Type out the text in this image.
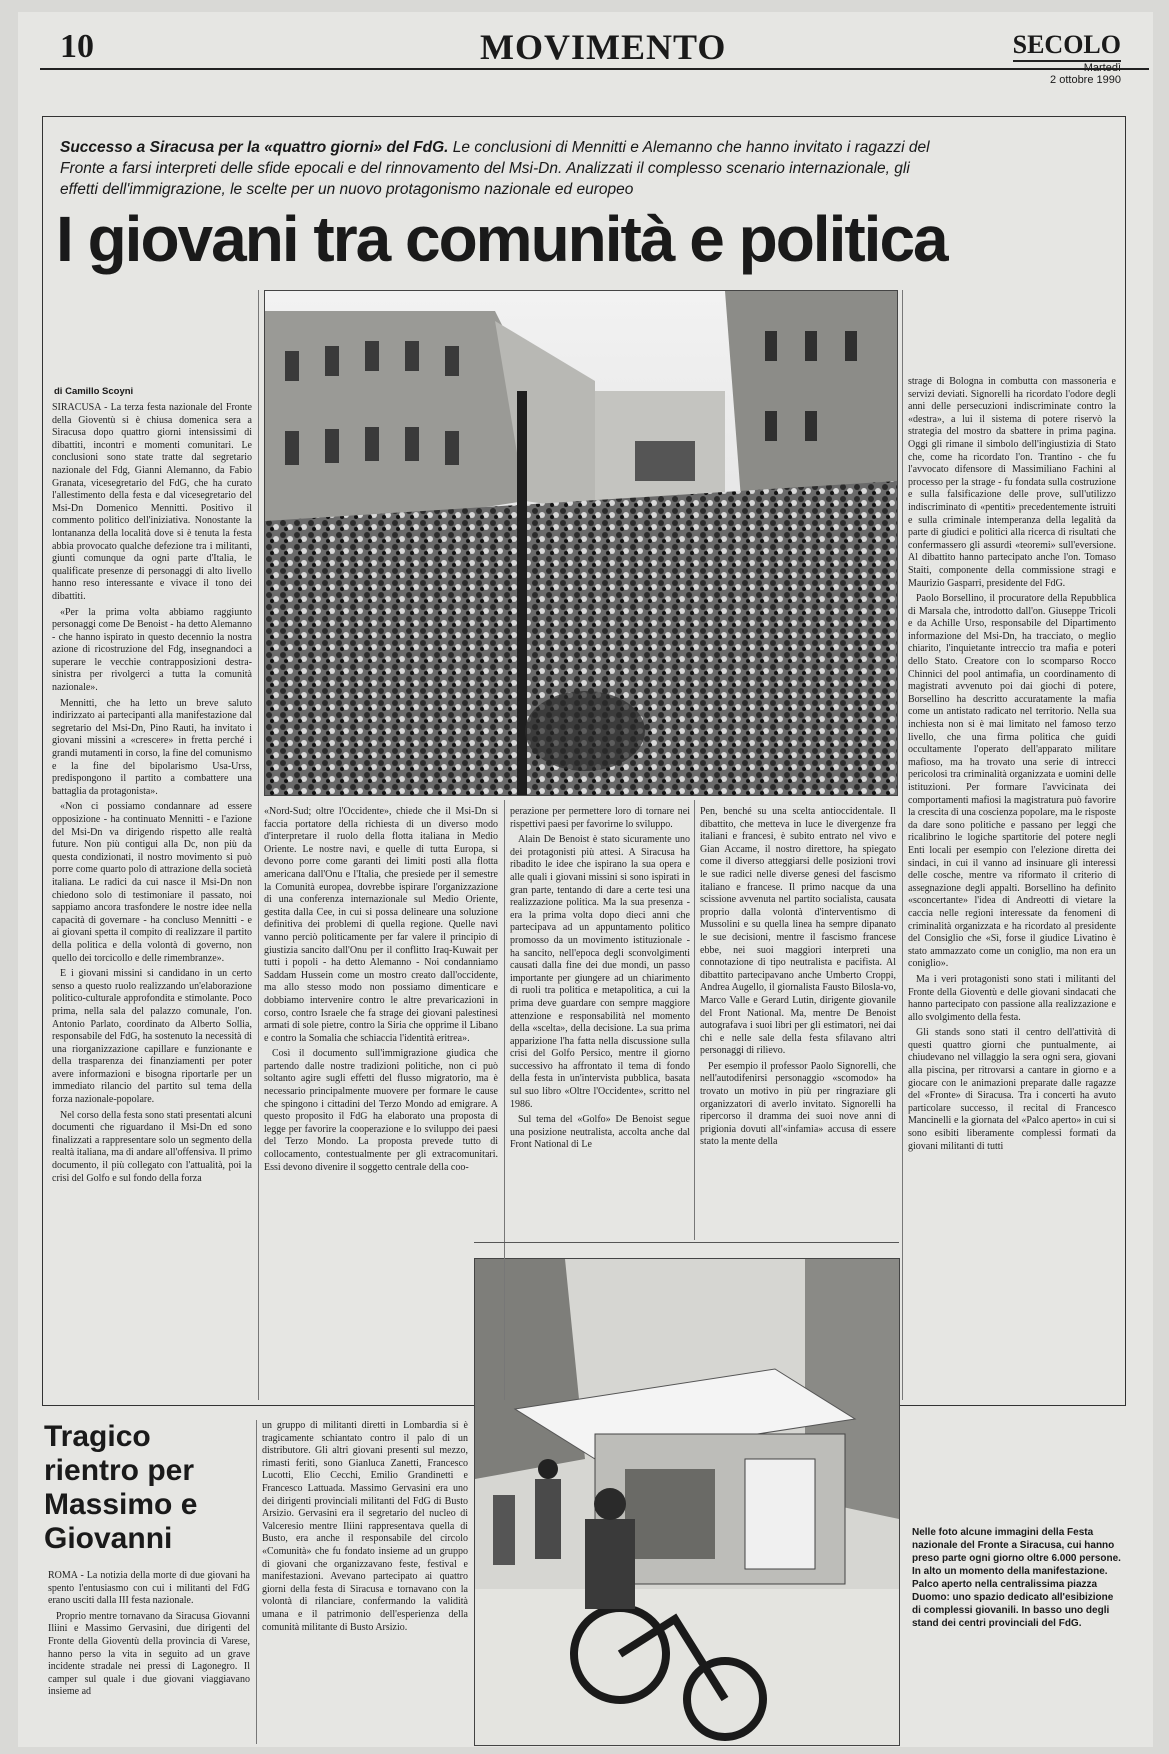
10	MOVIMENTO	SECOLO
Martedì
2 ottobre 1990
Successo a Siracusa per la «quattro giorni» del FdG. Le conclusioni di Mennitti e Alemanno che hanno invitato i ragazzi del Fronte a farsi interpreti delle sfide epocali e del rinnovamento del Msi-Dn. Analizzati il complesso scenario internazionale, gli effetti dell'immigrazione, le scelte per un nuovo protagonismo nazionale ed europeo
I giovani tra comunità e politica
di Camillo Scoyni

SIRACUSA - La terza festa nazionale del Fronte della Gioventù si è chiusa domenica sera a Siracusa dopo quattro giorni intensissimi di dibattiti, incontri e momenti comunitari. Le conclusioni sono state tratte dal segretario nazionale del Fdg, Gianni Alemanno, da Fabio Granata, vicesegretario del FdG, che ha curato l'allestimento della festa e dal vicesegretario del Msi-Dn Domenico Mennitti. Positivo il commento politico dell'iniziativa. Nonostante la lontananza della località dove si è tenuta la festa abbia provocato qualche defezione tra i militanti, giunti comunque da ogni parte d'Italia, le qualificate presenze di personaggi di alto livello hanno reso interessante e vivace il tono dei dibattiti.

«Per la prima volta abbiamo raggiunto personaggi come De Benoist - ha detto Alemanno - che hanno ispirato in questo decennio la nostra azione di ricostruzione del Fdg, insegnandoci a superare le vecchie contrapposizioni destra-sinistra per rivolgerci a tutta la comunità nazionale».

Mennitti, che ha letto un breve saluto indirizzato ai partecipanti alla manifestazione dal segretario del Msi-Dn, Pino Rauti, ha invitato i giovani missini a «crescere» in fretta perché i grandi mutamenti in corso, la fine del comunismo e la fine del bipolarismo Usa-Urss, predispongono il partito a combattere una battaglia da protagonista».

«Non ci possiamo condannare ad essere opposizione - ha continuato Mennitti - e l'azione del Msi-Dn va dirigendo rispetto alle realtà future. Non più contigui alla Dc, non più da questa condizionati, il nostro movimento si può porre come quarto polo di attrazione della società italiana. Le radici da cui nasce il Msi-Dn non chiedono solo di testimoniare il passato, noi sappiamo ancora trasfondere le nostre idee nella capacità di governare - ha concluso Mennitti - e ai giovani spetta il compito di realizzare il partito della politica e della volontà di governo, non quello dei torcicollo e delle rimembranze».

E i giovani missini si candidano in un certo senso a questo ruolo realizzando un'elaborazione politico-culturale approfondita e stimolante. Poco prima, nella sala del palazzo comunale, l'on. Antonio Parlato, coordinato da Alberto Sollia, responsabile del FdG, ha sostenuto la necessità di una riorganizzazione capillare e funzionante e della trasparenza dei finanziamenti per poter avere informazioni e bisogna riportarle per un immediato rilancio del partito sul tema della forza nazionale-popolare.

Nel corso della festa sono stati presentati alcuni documenti che riguardano il Msi-Dn ed sono finalizzati a rappresentare solo un segmento della realtà italiana, ma di andare all'offensiva. Il primo documento, il più collegato con l'attualità, poi la crisi del Golfo e sul fondo della forza

«Nord-Sud; oltre l'Occidente», chiede che il Msi-Dn si faccia portatore della richiesta di un diverso modo d'interpretare il ruolo della flotta italiana in Medio Oriente. Le nostre navi, e quelle di tutta Europa, si devono porre come garanti dei limiti posti alla flotta americana dall'Onu e l'Italia, che presiede per il semestre la Comunità europea, dovrebbe ispirare l'organizzazione di una conferenza internazionale sul Medio Oriente, gestita dalla Cee, in cui si possa delineare una soluzione definitiva dei problemi di quella regione. Quelle navi vanno perciò politicamente per far valere il principio di giustizia sancito dall'Onu per il conflitto Iraq-Kuwait per tutti i popoli - ha detto Alemanno - Noi condanniamo Saddam Hussein come un mostro creato dall'occidente, ma allo stesso modo non possiamo dimenticare e dobbiamo intervenire contro le altre prevaricazioni in corso, contro Israele che fa strage dei giovani palestinesi armati di sole pietre, contro la Siria che opprime il Libano e contro la Somalia che schiaccia l'identità eritrea».

Così il documento sull'immigrazione giudica che partendo dalle nostre tradizioni politiche, non ci può soltanto agire sugli effetti del flusso migratorio, ma è necessario principalmente muovere per formare le cause che spingono i cittadini del Terzo Mondo ad emigrare. A questo proposito il FdG ha elaborato una proposta di legge per favorire la cooperazione e lo sviluppo dei paesi del Terzo Mondo. La proposta prevede tutto di collocamento, contestualmente per gli extracomunitari. Essi devono divenire il soggetto centrale della coo-

perazione per permettere loro di tornare nei rispettivi paesi per favorirne lo sviluppo.

Alain De Benoist è stato sicuramente uno dei protagonisti più attesi. A Siracusa ha ribadito le idee che ispirano la sua opera e alle quali i giovani missini si sono ispirati in gran parte, tentando di dare a certe tesi una realizzazione politica. Ma la sua presenza - era la prima volta dopo dieci anni che partecipava ad un appuntamento politico promosso da un movimento istituzionale - ha sancito, nell'epoca degli sconvolgimenti causati dalla fine dei due mondi, un passo importante per giungere ad un chiarimento di ruoli tra politica e metapolitica, a cui la prima deve guardare con sempre maggiore attenzione e responsabilità nel momento della «scelta», della decisione. La sua prima apparizione l'ha fatta nella discussione sulla crisi del Golfo Persico, mentre il giorno successivo ha affrontato il tema di fondo della festa in un'intervista pubblica, basata sul suo libro «Oltre l'Occidente», scritto nel 1986.

Sul tema del «Golfo» De Benoist segue una posizione neutralista, accolta anche dal Front National di Le

Pen, benché su una scelta antioccidentale. Il dibattito, che metteva in luce le divergenze fra italiani e francesi, è subito entrato nel vivo e Gian Accame, il nostro direttore, ha spiegato come il diverso atteggiarsi delle posizioni trovi le sue radici nelle diverse genesi del fascismo italiano e francese. Il primo nacque da una scissione avvenuta nel partito socialista, causata proprio dalla volontà d'interventismo di Mussolini e su quella linea ha sempre dipanato le sue decisioni, mentre il fascismo francese ebbe, nei suoi maggiori interpreti una connotazione di tipo neutralista e pacifista. Al dibattito partecipavano anche Umberto Croppi, Andrea Augello, il giornalista Fausto Bilosla-vo, Marco Valle e Gerard Lutin, dirigente giovanile del Front National. Ma, mentre De Benoist autografava i suoi libri per gli estimatori, nei dai chi e nelle sale della festa sfilavano altri personaggi di rilievo.

Per esempio il professor Paolo Signorelli, che nell'autodifenirsi personaggio «scomodo» ha trovato un motivo in più per ringraziare gli organizzatori di averlo invitato. Signorelli ha ripercorso il dramma dei suoi nove anni di prigionia dovuti all'«infamia» accusa di essere stato la mente della

strage di Bologna in combutta con massoneria e servizi deviati. Signorelli ha ricordato l'odore degli anni delle persecuzioni indiscriminate contro la «destra», a lui il sistema di potere riservò la strategia del mostro da sbattere in prima pagina. Oggi gli rimane il simbolo dell'ingiustizia di Stato che, come ha ricordato l'on. Trantino - che fu l'avvocato difensore di Massimiliano Fachini al processo per la strage - fu fondata sulla costruzione e sulla falsificazione delle prove, sull'utilizzo indiscriminato di «pentiti» precedentemente istruiti e sulla criminale intemperanza della legalità da parte di giudici e politici alla ricerca di risultati che confermassero gli assurdi «teoremi» sull'eversione. Al dibattito hanno partecipato anche l'on. Tomaso Staiti, componente della commissione stragi e Maurizio Gasparri, presidente del FdG.

Paolo Borsellino, il procuratore della Repubblica di Marsala che, introdotto dall'on. Giuseppe Tricoli e da Achille Urso, responsabile del Dipartimento informazione del Msi-Dn, ha tracciato, o meglio chiarito, l'inquietante intreccio tra mafia e poteri dello Stato. Creatore con lo scomparso Rocco Chinnici del pool antimafia, un coordinamento di magistrati avvenuto poi dai giochi di potere, Borsellino ha descritto accuratamente la mafia come un antistato radicato nel territorio. Nella sua inchiesta non si è mai limitato nel famoso terzo livello, che una firma politica che guidi occultamente l'operato dell'apparato militare mafioso, ma ha trovato una serie di intrecci pericolosi tra criminalità organizzata e uomini delle istituzioni. Per formare l'avvicinata dei comportamenti mafiosi la magistratura può favorire la crescita di una coscienza popolare, ma le risposte da dare sono politiche e passano per leggi che ricalibrino le logiche spartitorie del potere negli Enti locali per esempio con l'elezione diretta dei sindaci, in cui il vanno ad insinuare gli interessi delle cosche, mentre va riformato il criterio di assegnazione degli appalti. Borsellino ha definito «sconcertante» l'idea di Andreotti di vietare la caccia nelle regioni interessate da fenomeni di criminalità organizzata e ha ricordato al presidente del Consiglio che «Sì, forse il giudice Livatino è stato ammazzato come un coniglio, ma non era un coniglio».

Ma i veri protagonisti sono stati i militanti del Fronte della Gioventù e delle giovani sindacati che hanno partecipato con passione alla realizzazione e allo svolgimento della festa.

Gli stands sono stati il centro dell'attività di questi quattro giorni che puntualmente, ai chiudevano nel villaggio la sera ogni sera, giovani alla piscina, per ritrovarsi a cantare in giorno e a giocare con le animazioni preparate dalle ragazze del «Fronte» di Siracusa. Tra i concerti ha avuto particolare successo, il recital di Francesco Mancinelli e la giornata del «Palco aperto» in cui si sono esibiti liberamente complessi formati da giovani militanti di tutti

Tragico rientro per Massimo e Giovanni

ROMA - La notizia della morte di due giovani ha spento l'entusiasmo con cui i militanti del FdG erano usciti dalla III festa nazionale.

Proprio mentre tornavano da Siracusa Giovanni Iliini e Massimo Gervasini, due dirigenti del Fronte della Gioventù della provincia di Varese, hanno perso la vita in seguito ad un grave incidente stradale nei pressi di Lagonegro. Il camper sul quale i due giovani viaggiavano insieme ad

un gruppo di militanti diretti in Lombardia si è tragicamente schiantato contro il palo di un distributore. Gli altri giovani presenti sul mezzo, rimasti feriti, sono Gianluca Zanetti, Francesco Lucotti, Elio Cecchi, Emilio Grandinetti e Francesco Lattuada. Massimo Gervasini era uno dei dirigenti provinciali militanti del FdG di Busto Arsizio. Gervasini era il segretario del nucleo di Valceresio mentre Iliini rappresentava quella di Busto, era anche il responsabile del circolo «Comunità» che fu fondato insieme ad un gruppo di giovani che organizzavano feste, festival e manifestazioni. Avevano partecipato ai quattro giorni della festa di Siracusa e tornavano con la volontà di rilanciare, confermando la validità umana e il patrimonio dell'esperienza della comunità militante di Busto Arsizio.

Nelle foto alcune immagini della Festa nazionale del Fronte a Siracusa, cui hanno preso parte ogni giorno oltre 6.000 persone. In alto un momento della manifestazione. Palco aperto nella centralissima piazza Duomo: uno spazio dedicato all'esibizione di complessi giovanili. In basso uno degli stand dei centri provinciali del FdG.
